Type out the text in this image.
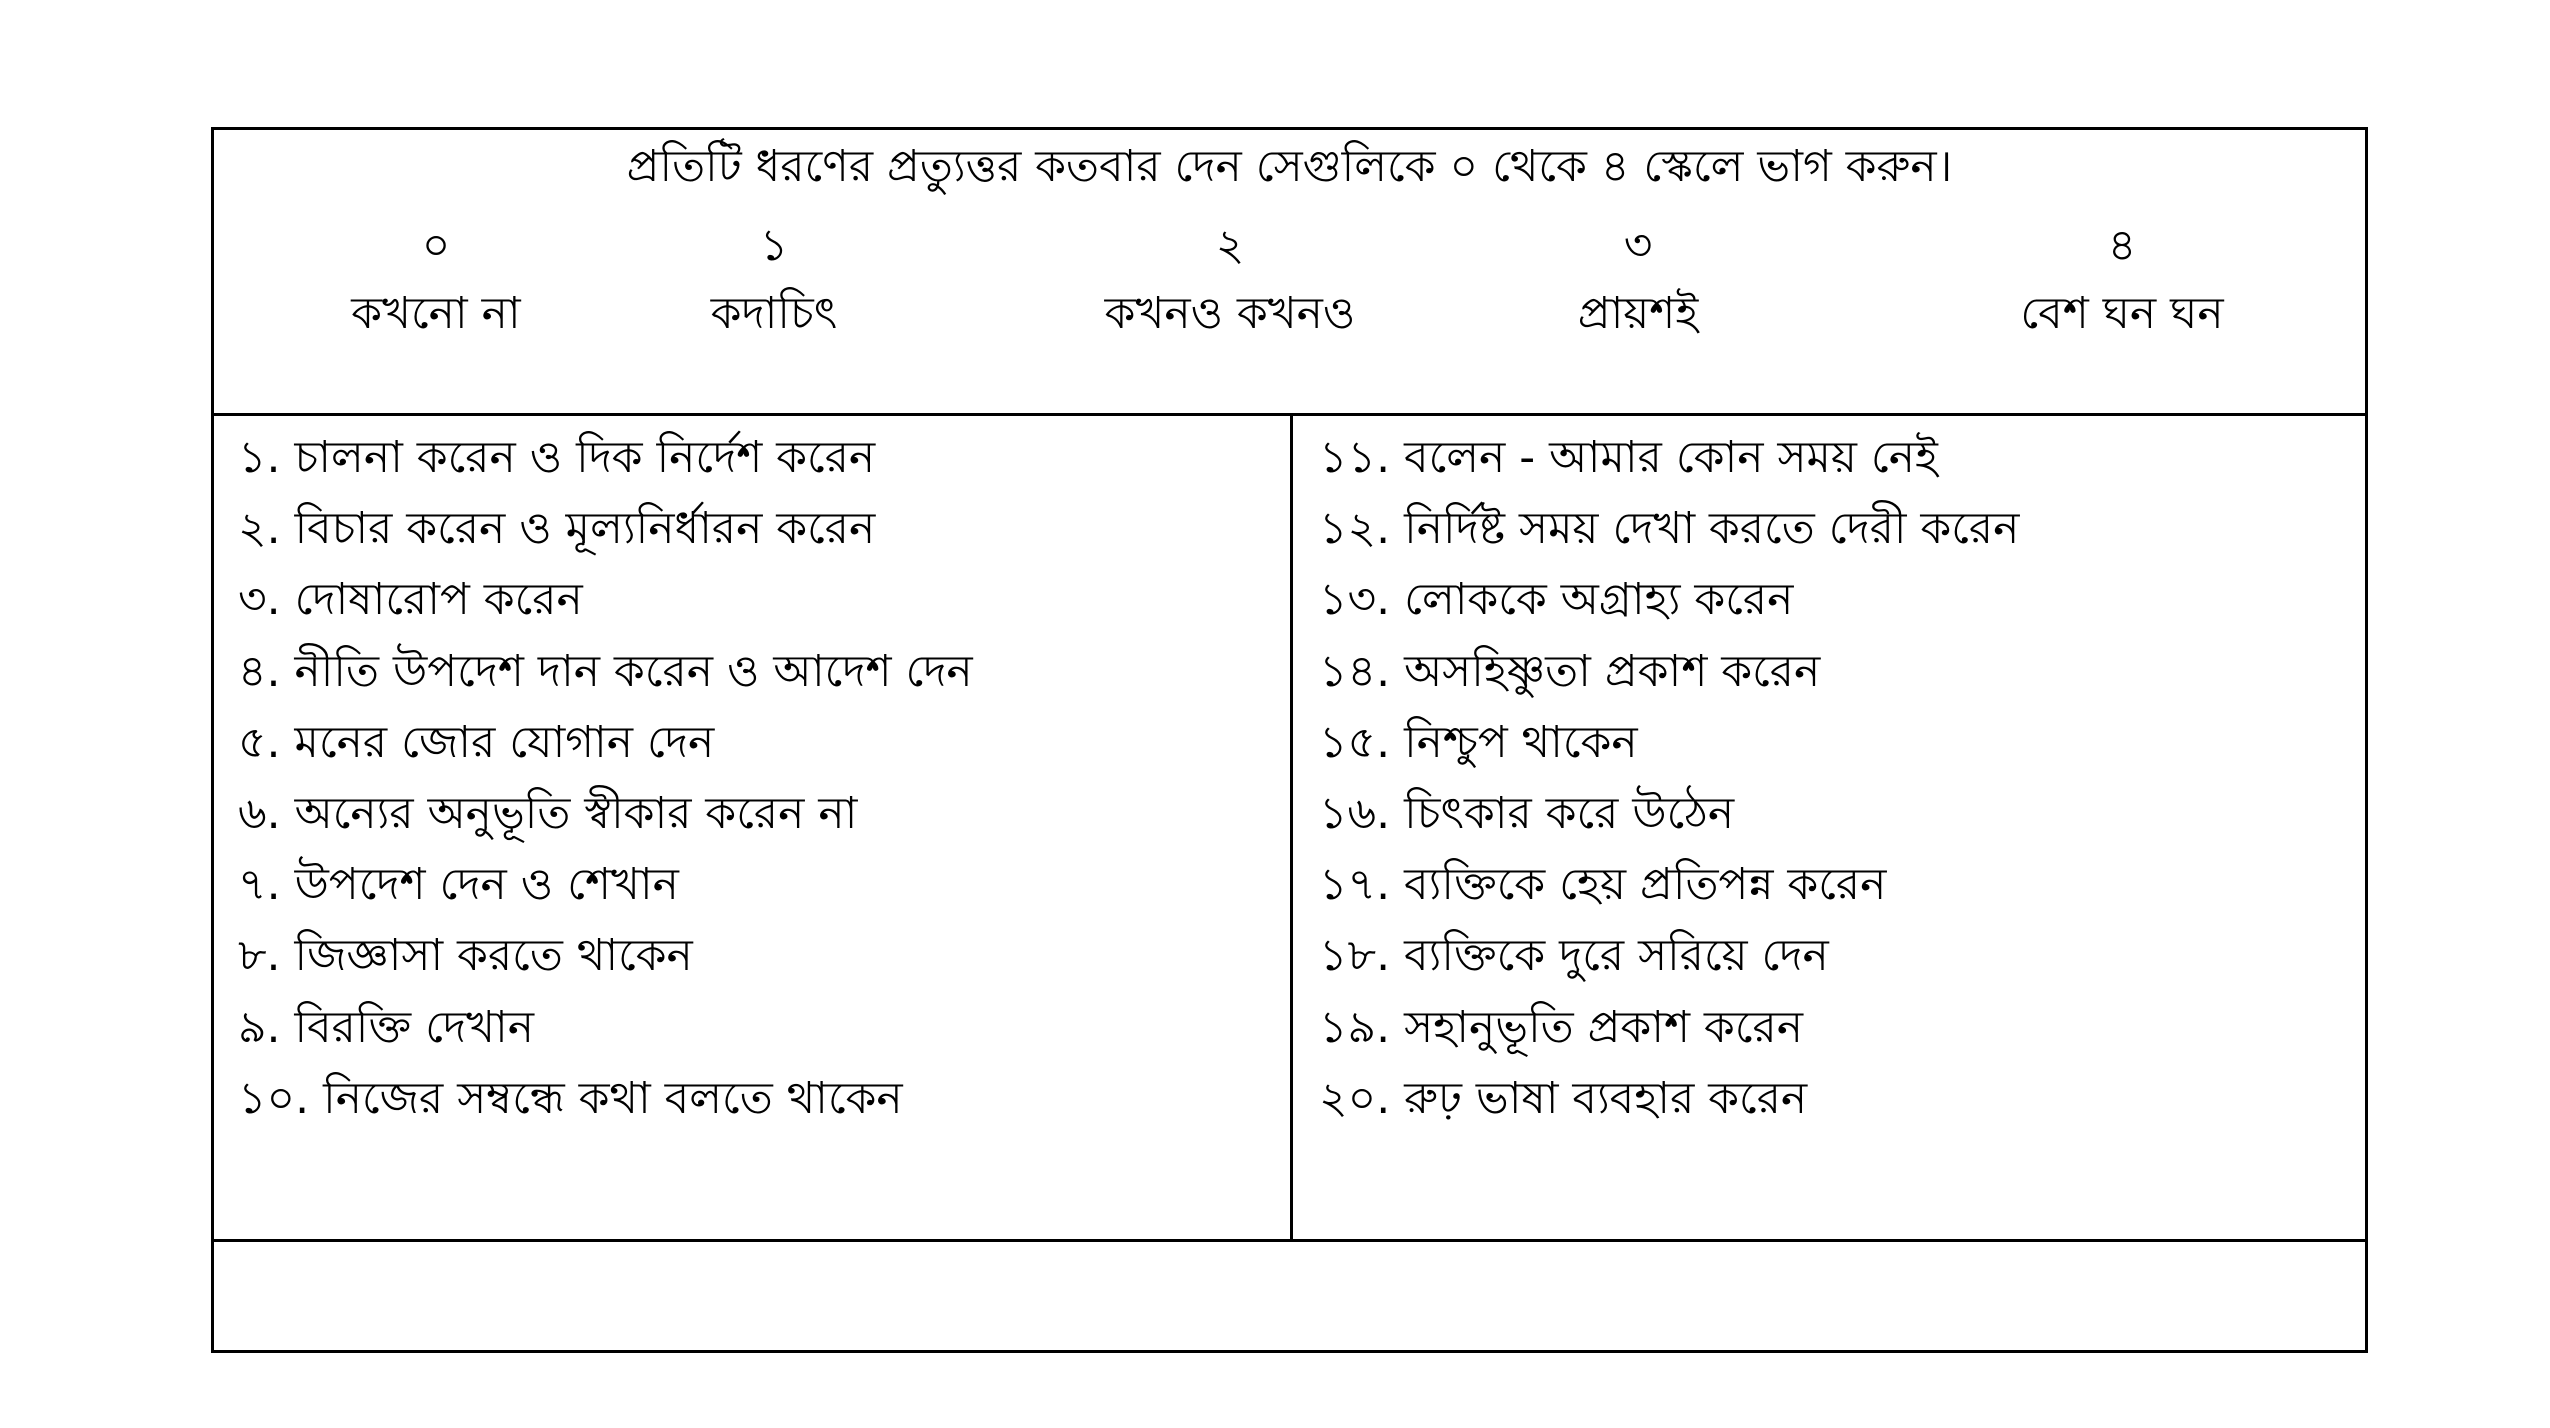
প্রতিটি ধরণের প্রত্যুত্তর কতবার দেন সেগুলিকে ০ থেকে ৪ স্কেলে ভাগ করুন।
০
কখনো না
১
কদাচিৎ
২
কখনও কখনও
৩
প্রায়শই
৪
বেশ ঘন ঘন
১. চালনা করেন ও দিক নির্দেশ করেন
২. বিচার করেন ও মূল্যনির্ধারন করেন
৩. দোষারোপ করেন
৪. নীতি উপদেশ দান করেন ও আদেশ দেন
৫. মনের জোর যোগান দেন
৬. অন্যের অনুভূতি স্বীকার করেন না
৭. উপদেশ দেন ও শেখান
৮. জিজ্ঞাসা করতে থাকেন
৯. বিরক্তি দেখান
১০. নিজের সম্বন্ধে কথা বলতে থাকেন
১১. বলেন - আমার কোন সময় নেই
১২. নির্দিষ্ট সময় দেখা করতে দেরী করেন
১৩. লোককে অগ্রাহ্য করেন
১৪. অসহিষ্ণুতা প্রকাশ করেন
১৫. নিশ্চুপ থাকেন
১৬. চিৎকার করে উঠেন
১৭. ব্যক্তিকে হেয় প্রতিপন্ন করেন
১৮. ব্যক্তিকে দুরে সরিয়ে দেন
১৯. সহানুভূতি প্রকাশ করেন
২০. রুঢ় ভাষা ব্যবহার করেন
